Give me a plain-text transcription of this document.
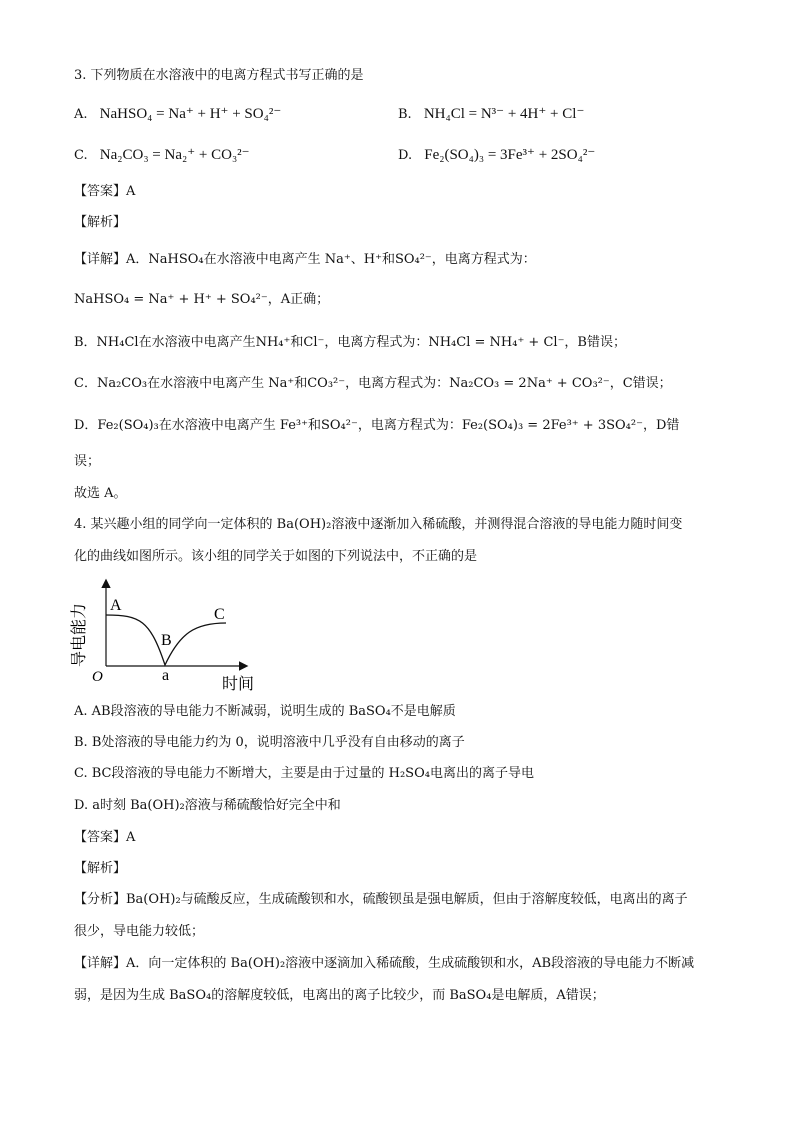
3. 下列物质在水溶液中的电离方程式书写正确的是
A. NaHSO₄ = Na⁺ + H⁺ + SO₄²⁻	B. NH₄Cl = N³⁻ + 4H⁺ + Cl⁻
C. Na₂CO₃ = Na₂⁺ + CO₃²⁻	D. Fe₂(SO₄)₃ = 3Fe³⁺ + 2SO₄²⁻
【答案】A
【解析】
【详解】A．NaHSO₄在水溶液中电离产生 Na⁺、H⁺和SO₄²⁻，电离方程式为：
NaHSO₄ = Na⁺ + H⁺ + SO₄²⁻，A正确；
B．NH₄Cl在水溶液中电离产生NH₄⁺和Cl⁻，电离方程式为：NH₄Cl = NH₄⁺ + Cl⁻，B错误；
C．Na₂CO₃在水溶液中电离产生 Na⁺和CO₃²⁻，电离方程式为：Na₂CO₃ = 2Na⁺ + CO₃²⁻，C错误；
D．Fe₂(SO₄)₃在水溶液中电离产生 Fe³⁺和SO₄²⁻，电离方程式为：Fe₂(SO₄)₃ = 2Fe³⁺ + 3SO₄²⁻，D错
误；
故选 A。
4. 某兴趣小组的同学向一定体积的 Ba(OH)₂溶液中逐渐加入稀硫酸，并测得混合溶液的导电能力随时间变
化的曲线如图所示。该小组的同学关于如图的下列说法中，不正确的是
导电能力
时间
O
A
B
C
a
A. AB段溶液的导电能力不断减弱，说明生成的 BaSO₄不是电解质
B. B处溶液的导电能力约为 0，说明溶液中几乎没有自由移动的离子
C. BC段溶液的导电能力不断增大，主要是由于过量的 H₂SO₄电离出的离子导电
D. a时刻 Ba(OH)₂溶液与稀硫酸恰好完全中和
【答案】A
【解析】
【分析】Ba(OH)₂与硫酸反应，生成硫酸钡和水，硫酸钡虽是强电解质，但由于溶解度较低，电离出的离子
很少，导电能力较低；
【详解】A．向一定体积的 Ba(OH)₂溶液中逐滴加入稀硫酸，生成硫酸钡和水，AB段溶液的导电能力不断减
弱，是因为生成 BaSO₄的溶解度较低，电离出的离子比较少，而 BaSO₄是电解质，A错误；
